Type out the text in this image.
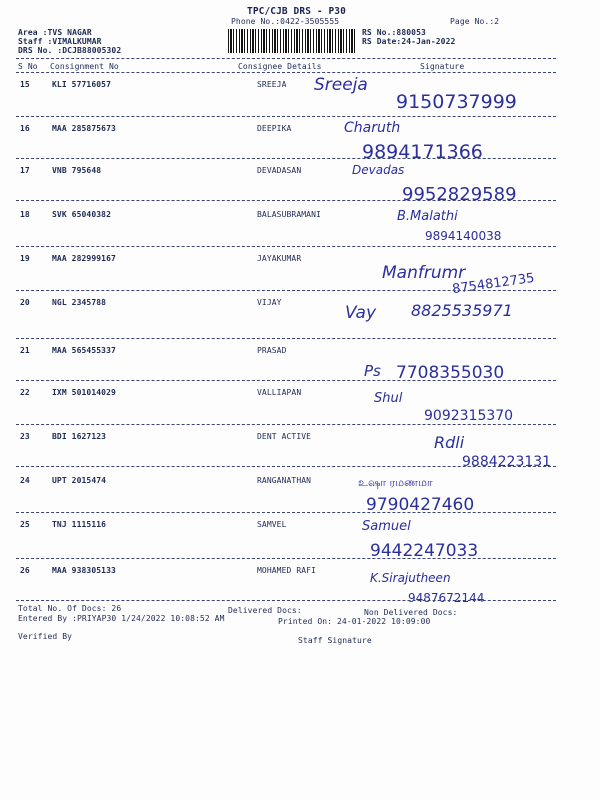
TPC/CJB DRS - P30
Phone No.:0422-3505555	Page No.:2
Area :TVS NAGAR
Staff :VIMALKUMAR
DRS No. :DCJB88005302
RS No.:880053
RS Date:24-Jan-2022
S No Consignment No	Consignee Details	Signature
15	KLI 57716057	SREEJA Sreeja
9150737999
16	MAA 285875673	DEEPIKA	Charuth
9894171366
17	VNB 795648	DEVADASAN	Devadas
9952829589
18	SVK 65040382	BALASUBRAMANI	B.Malathi
9894140038
19	MAA 282999167	JAYAKUMAR
Manfrumr
8754812735
20	NGL 2345788	VIJAY
Vay 8825535971
21	MAA 565455337	PRASAD
Ps 7708355030
22	IXM 501014029	VALLIAPAN	Shul
9092315370
23	BDI 1627123	DENT ACTIVE	Rdli
9884223131
24	UPT 2015474	RANGANATHAN	உஷா ரமணமா
9790427460
25	TNJ 1115116	SAMVEL	Samuel
9442247033
26	MAA 938305133	MOHAMED RAFI
K.Sirajutheen
9487672144
Total No. Of Docs: 26	Delivered Docs:	Non Delivered Docs:
Entered By :PRIYAP30 1/24/2022 10:08:52 AM	Printed On: 24-01-2022 10:09:00
Verified By	Staff Signature
